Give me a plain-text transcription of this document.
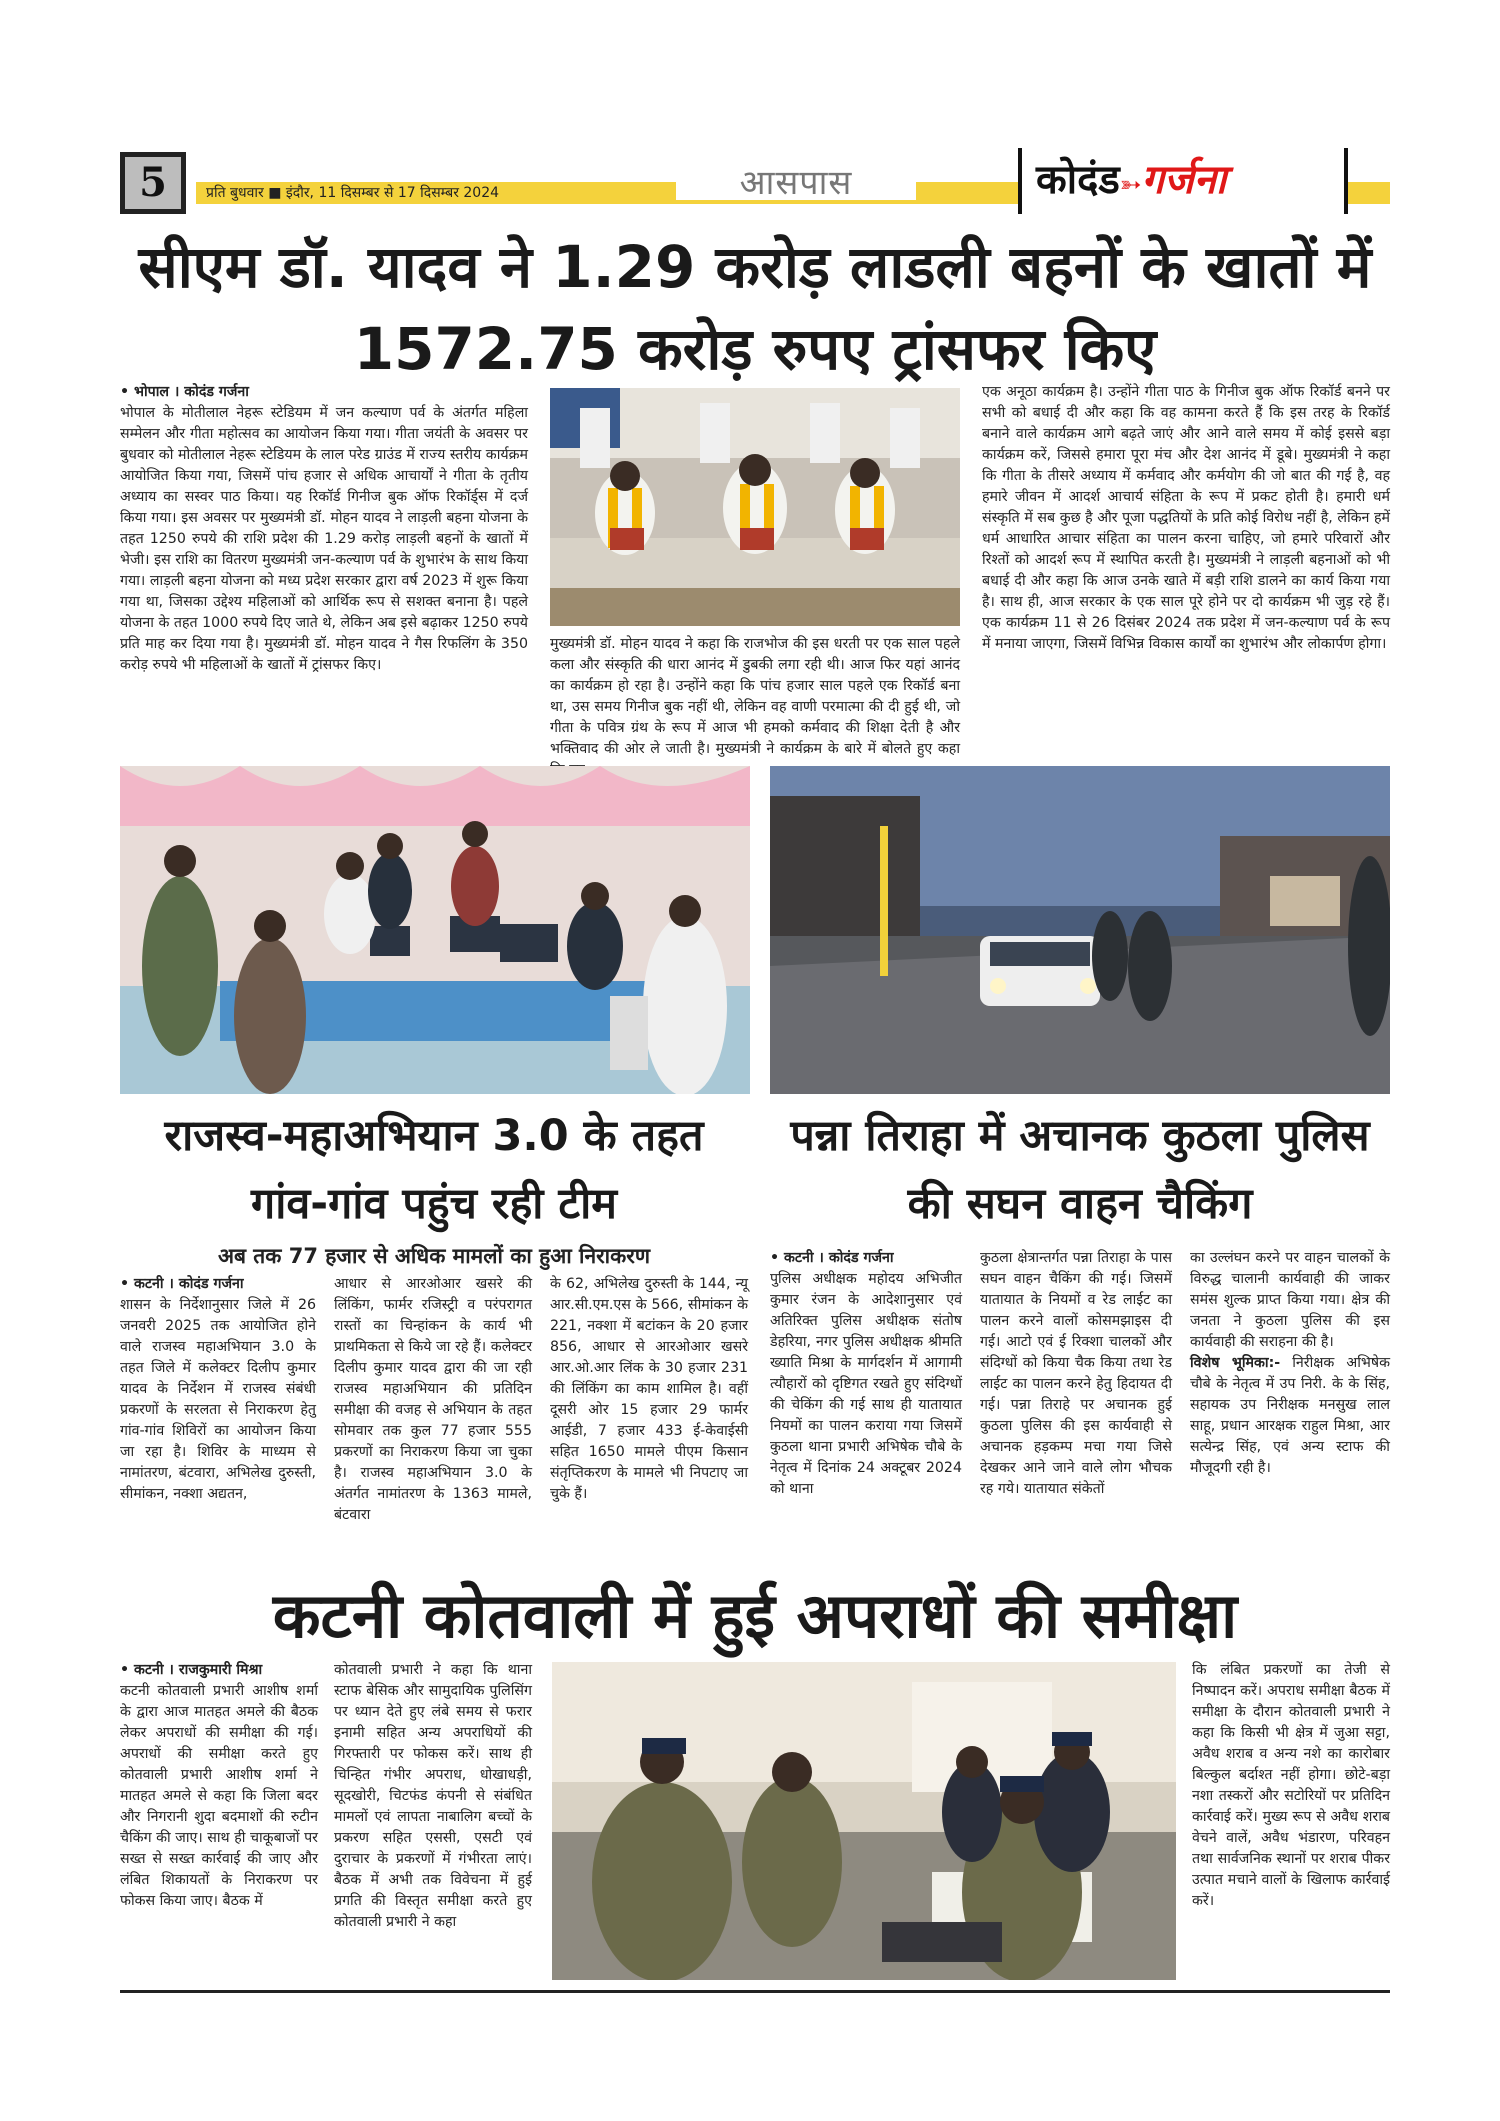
5	प्रति बुधवार ■ इंदौर, 11 दिसम्बर से 17 दिसम्बर 2024	आसपास	कोदंड➳गर्जना
सीएम डॉ. यादव ने 1.29 करोड़ लाडली बहनों के खातों में 1572.75 करोड़ रुपए ट्रांसफर किए
• भोपाल । कोदंड गर्जना
भोपाल के मोतीलाल नेहरू स्टेडियम में जन कल्याण पर्व के अंतर्गत महिला सम्मेलन और गीता महोत्सव का आयोजन किया गया। गीता जयंती के अवसर पर बुधवार को मोतीलाल नेहरू स्टेडियम के लाल परेड ग्राउंड में राज्य स्तरीय कार्यक्रम आयोजित किया गया, जिसमें पांच हजार से अधिक आचार्यों ने गीता के तृतीय अध्याय का सस्वर पाठ किया। यह रिकॉर्ड गिनीज बुक ऑफ रिकॉर्ड्स में दर्ज किया गया। इस अवसर पर मुख्यमंत्री डॉ. मोहन यादव ने लाड़ली बहना योजना के तहत 1250 रुपये की राशि प्रदेश की 1.29 करोड़ लाड़ली बहनों के खातों में भेजी। इस राशि का वितरण मुख्यमंत्री जन-कल्याण पर्व के शुभारंभ के साथ किया गया। लाड़ली बहना योजना को मध्य प्रदेश सरकार द्वारा वर्ष 2023 में शुरू किया गया था, जिसका उद्देश्य महिलाओं को आर्थिक रूप से सशक्त बनाना है। पहले योजना के तहत 1000 रुपये दिए जाते थे, लेकिन अब इसे बढ़ाकर 1250 रुपये प्रति माह कर दिया गया है। मुख्यमंत्री डॉ. मोहन यादव ने गैस रिफलिंग के 350 करोड़ रुपये भी महिलाओं के खातों में ट्रांसफर किए।
मुख्यमंत्री डॉ. मोहन यादव ने कहा कि राजभोज की इस धरती पर एक साल पहले कला और संस्कृति की धारा आनंद में डुबकी लगा रही थी। आज फिर यहां आनंद का कार्यक्रम हो रहा है। उन्होंने कहा कि पांच हजार साल पहले एक रिकॉर्ड बना था, उस समय गिनीज बुक नहीं थी, लेकिन वह वाणी परमात्मा की दी हुई थी, जो गीता के पवित्र ग्रंथ के रूप में आज भी हमको कर्मवाद की शिक्षा देती है और भक्तिवाद की ओर ले जाती है। मुख्यमंत्री ने कार्यक्रम के बारे में बोलते हुए कहा
एक अनूठा कार्यक्रम है। उन्होंने गीता पाठ के गिनीज बुक ऑफ रिकॉर्ड बनने पर सभी को बधाई दी और कहा कि वह कामना करते हैं कि इस तरह के रिकॉर्ड बनाने वाले कार्यक्रम आगे बढ़ते जाएं और आने वाले समय में कोई इससे बड़ा कार्यक्रम करें, जिससे हमारा पूरा मंच और देश आनंद में डूबे। मुख्यमंत्री ने कहा कि गीता के तीसरे अध्याय में कर्मवाद और कर्मयोग की जो बात की गई है, वह हमारे जीवन में आदर्श आचार्य संहिता के रूप में प्रकट होती है। हमारी धर्म संस्कृति में सब कुछ है और पूजा पद्धतियों के प्रति कोई विरोध नहीं है, लेकिन हमें धर्म आधारित आचार संहिता का पालन करना चाहिए, जो हमारे परिवारों और रिश्तों को आदर्श रूप में स्थापित करती है। मुख्यमंत्री ने लाड़ली बहनाओं को भी बधाई दी और कहा कि आज उनके खाते में बड़ी राशि डालने का कार्य किया गया है। साथ ही, आज सरकार के एक साल पूरे होने पर दो कार्यक्रम भी जुड़ रहे हैं। एक कार्यक्रम 11 से 26 दिसंबर 2024 तक प्रदेश में जन-कल्याण पर्व के रूप में मनाया जाएगा, जिसमें विभिन्न विकास कार्यों का शुभारंभ और लोकार्पण होगा।
राजस्व-महाअभियान 3.0 के तहत गांव-गांव पहुंच रही टीम
अब तक 77 हजार से अधिक मामलों का हुआ निराकरण
• कटनी । कोदंड गर्जना
शासन के निर्देशानुसार जिले में 26 जनवरी 2025 तक आयोजित होने वाले राजस्व महाअभियान 3.0 के तहत जिले में कलेक्टर दिलीप कुमार यादव के निर्देशन में राजस्व संबंधी प्रकरणों के सरलता से निराकरण हेतु गांव-गांव शिविरों का आयोजन किया जा रहा है। शिविर के माध्यम से नामांतरण, बंटवारा, अभिलेख दुरुस्ती, सीमांकन, नक्शा अद्यतन,
आधार से आरओआर खसरे की लिंकिंग, फार्मर रजिस्ट्री व परंपरागत रास्तों का चिन्हांकन के कार्य भी प्राथमिकता से किये जा रहे हैं। कलेक्टर दिलीप कुमार यादव द्वारा की जा रही राजस्व महाअभियान की प्रतिदिन समीक्षा की वजह से अभियान के तहत सोमवार तक कुल 77 हजार 555 प्रकरणों का निराकरण किया जा चुका है। राजस्व महाअभियान 3.0 के अंतर्गत नामांतरण के 1363 मामले, बंटवारा
के 62, अभिलेख दुरुस्ती के 144, न्यू आर.सी.एम.एस के 566, सीमांकन के 221, नक्शा में बटांकन के 20 हजार 856, आधार से आरओआर खसरे आर.ओ.आर लिंक के 30 हजार 231 की लिंकिंग का काम शामिल है। वहीं दूसरी ओर 15 हजार 29 फार्मर आईडी, 7 हजार 433 ई-केवाईसी सहित 1650 मामले पीएम किसान संतृप्तिकरण के मामले भी निपटाए जा चुके हैं।
पन्ना तिराहा में अचानक कुठला पुलिस की सघन वाहन चैकिंग
• कटनी । कोदंड गर्जना
पुलिस अधीक्षक महोदय अभिजीत कुमार रंजन के आदेशानुसार एवं अतिरिक्त पुलिस अधीक्षक संतोष डेहरिया, नगर पुलिस अधीक्षक श्रीमति ख्याति मिश्रा के मार्गदर्शन में आगामी त्यौहारों को दृष्टिगत रखते हुए संदिग्धों की चेकिंग की गई साथ ही यातायात नियमों का पालन कराया गया जिसमें कुठला थाना प्रभारी अभिषेक चौबे के नेतृत्व में दिनांक 24 अक्टूबर 2024 को थाना
कुठला क्षेत्रान्तर्गत पन्ना तिराहा के पास सघन वाहन चैकिंग की गई। जिसमें यातायात के नियमों व रेड लाईट का पालन करने वालों कोसमझाइस दी गई। आटो एवं ई रिक्शा चालकों और संदिग्धों को किया चैक किया तथा रेड लाईट का पालन करने हेतु हिदायत दी गई। पन्ना तिराहे पर अचानक हुई कुठला पुलिस की इस कार्यवाही से अचानक हड़कम्प मचा गया जिसे देखकर आने जाने वाले लोग भौचक रह गये। यातायात संकेतों
का उल्लंघन करने पर वाहन चालकों के विरुद्ध चालानी कार्यवाही की जाकर समंस शुल्क प्राप्त किया गया। क्षेत्र की जनता ने कुठला पुलिस की इस कार्यवाही की सराहना की है।
विशेष भूमिका:- निरीक्षक अभिषेक चौबे के नेतृत्व में उप निरी. के के सिंह, सहायक उप निरीक्षक मनसुख लाल साहू, प्रधान आरक्षक राहुल मिश्रा, आर सत्येन्द्र सिंह, एवं अन्य स्टाफ की मौजूदगी रही है।
कटनी कोतवाली में हुई अपराधों की समीक्षा
• कटनी । राजकुमारी मिश्रा
कटनी कोतवाली प्रभारी आशीष शर्मा के द्वारा आज मातहत अमले की बैठक लेकर अपराधों की समीक्षा की गई। अपराधों की समीक्षा करते हुए कोतवाली प्रभारी आशीष शर्मा ने मातहत अमले से कहा कि जिला बदर और निगरानी शुदा बदमाशों की रुटीन चैकिंग की जाए। साथ ही चाकूबाजों पर सख्त से सख्त कार्रवाई की जाए और लंबित शिकायतों के निराकरण पर फोकस किया जाए। बैठक में
कोतवाली प्रभारी ने कहा कि थाना स्टाफ बेसिक और सामुदायिक पुलिसिंग पर ध्यान देते हुए लंबे समय से फरार इनामी सहित अन्य अपराधियों की गिरफ्तारी पर फोकस करें। साथ ही चिन्हित गंभीर अपराध, धोखाधड़ी, सूदखोरी, चिटफंड कंपनी से संबंधित मामलों एवं लापता नाबालिग बच्चों के प्रकरण सहित एससी, एसटी एवं दुराचार के प्रकरणों में गंभीरता लाएं। बैठक में अभी तक विवेचना में हुई प्रगति की विस्तृत समीक्षा करते हुए कोतवाली प्रभारी ने कहा
कि लंबित प्रकरणों का तेजी से निष्पादन करें। अपराध समीक्षा बैठक में समीक्षा के दौरान कोतवाली प्रभारी ने कहा कि किसी भी क्षेत्र में जुआ सट्टा, अवैध शराब व अन्य नशे का कारोबार बिल्कुल बर्दाश्त नहीं होगा। छोटे-बड़ा नशा तस्करों और सटोरियों पर प्रतिदिन कार्रवाई करें। मुख्य रूप से अवैध शराब वेचने वालें, अवैध भंडारण, परिवहन तथा सार्वजनिक स्थानों पर शराब पीकर उत्पात मचाने वालों के खिलाफ कार्रवाई करें।
